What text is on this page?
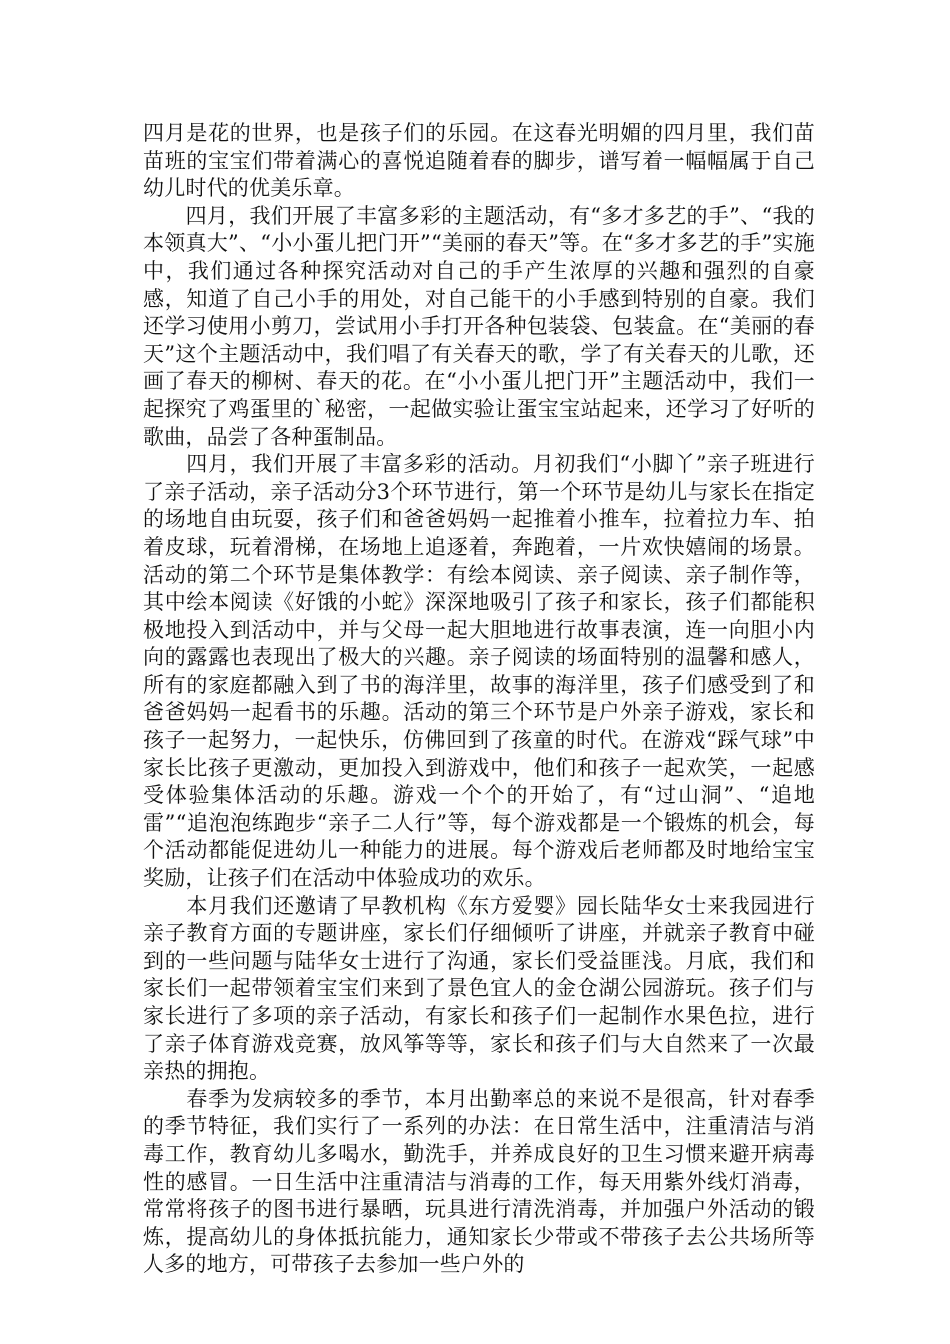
四月是花的世界，也是孩子们的乐园。在这春光明媚的四月里，我们苗苗班的宝宝们带着满心的喜悦追随着春的脚步，谱写着一幅幅属于自己幼儿时代的优美乐章。

　　四月，我们开展了丰富多彩的主题活动，有“多才多艺的手”、“我的本领真大”、“小小蛋儿把门开”“美丽的春天”等。在“多才多艺的手”实施中，我们通过各种探究活动对自己的手产生浓厚的兴趣和强烈的自豪感，知道了自己小手的用处，对自己能干的小手感到特别的自豪。我们还学习使用小剪刀，尝试用小手打开各种包装袋、包装盒。在“美丽的春天”这个主题活动中，我们唱了有关春天的歌，学了有关春天的儿歌，还画了春天的柳树、春天的花。在“小小蛋儿把门开”主题活动中，我们一起探究了鸡蛋里的`秘密，一起做实验让蛋宝宝站起来，还学习了好听的歌曲，品尝了各种蛋制品。

　　四月，我们开展了丰富多彩的活动。月初我们“小脚丫”亲子班进行了亲子活动，亲子活动分3个环节进行，第一个环节是幼儿与家长在指定的场地自由玩耍，孩子们和爸爸妈妈一起推着小推车，拉着拉力车、拍着皮球，玩着滑梯，在场地上追逐着，奔跑着，一片欢快嬉闹的场景。活动的第二个环节是集体教学：有绘本阅读、亲子阅读、亲子制作等，其中绘本阅读《好饿的小蛇》深深地吸引了孩子和家长，孩子们都能积极地投入到活动中，并与父母一起大胆地进行故事表演，连一向胆小内向的露露也表现出了极大的兴趣。亲子阅读的场面特别的温馨和感人，所有的家庭都融入到了书的海洋里，故事的海洋里，孩子们感受到了和爸爸妈妈一起看书的乐趣。活动的第三个环节是户外亲子游戏，家长和孩子一起努力，一起快乐，仿佛回到了孩童的时代。在游戏“踩气球”中家长比孩子更激动，更加投入到游戏中，他们和孩子一起欢笑，一起感受体验集体活动的乐趣。游戏一个个的开始了，有“过山洞”、“追地雷”“追泡泡练跑步“亲子二人行”等，每个游戏都是一个锻炼的机会，每个活动都能促进幼儿一种能力的进展。每个游戏后老师都及时地给宝宝奖励，让孩子们在活动中体验成功的欢乐。

　　本月我们还邀请了早教机构《东方爱婴》园长陆华女士来我园进行亲子教育方面的专题讲座，家长们仔细倾听了讲座，并就亲子教育中碰到的一些问题与陆华女士进行了沟通，家长们受益匪浅。月底，我们和家长们一起带领着宝宝们来到了景色宜人的金仓湖公园游玩。孩子们与家长进行了多项的亲子活动，有家长和孩子们一起制作水果色拉，进行了亲子体育游戏竞赛，放风筝等等，家长和孩子们与大自然来了一次最亲热的拥抱。

　　春季为发病较多的季节，本月出勤率总的来说不是很高，针对春季的季节特征，我们实行了一系列的办法：在日常生活中，注重清洁与消毒工作，教育幼儿多喝水，勤洗手，并养成良好的卫生习惯来避开病毒性的感冒。一日生活中注重清洁与消毒的工作，每天用紫外线灯消毒，常常将孩子的图书进行暴晒，玩具进行清洗消毒，并加强户外活动的锻炼，提高幼儿的身体抵抗能力，通知家长少带或不带孩子去公共场所等人多的地方，可带孩子去参加一些户外的
